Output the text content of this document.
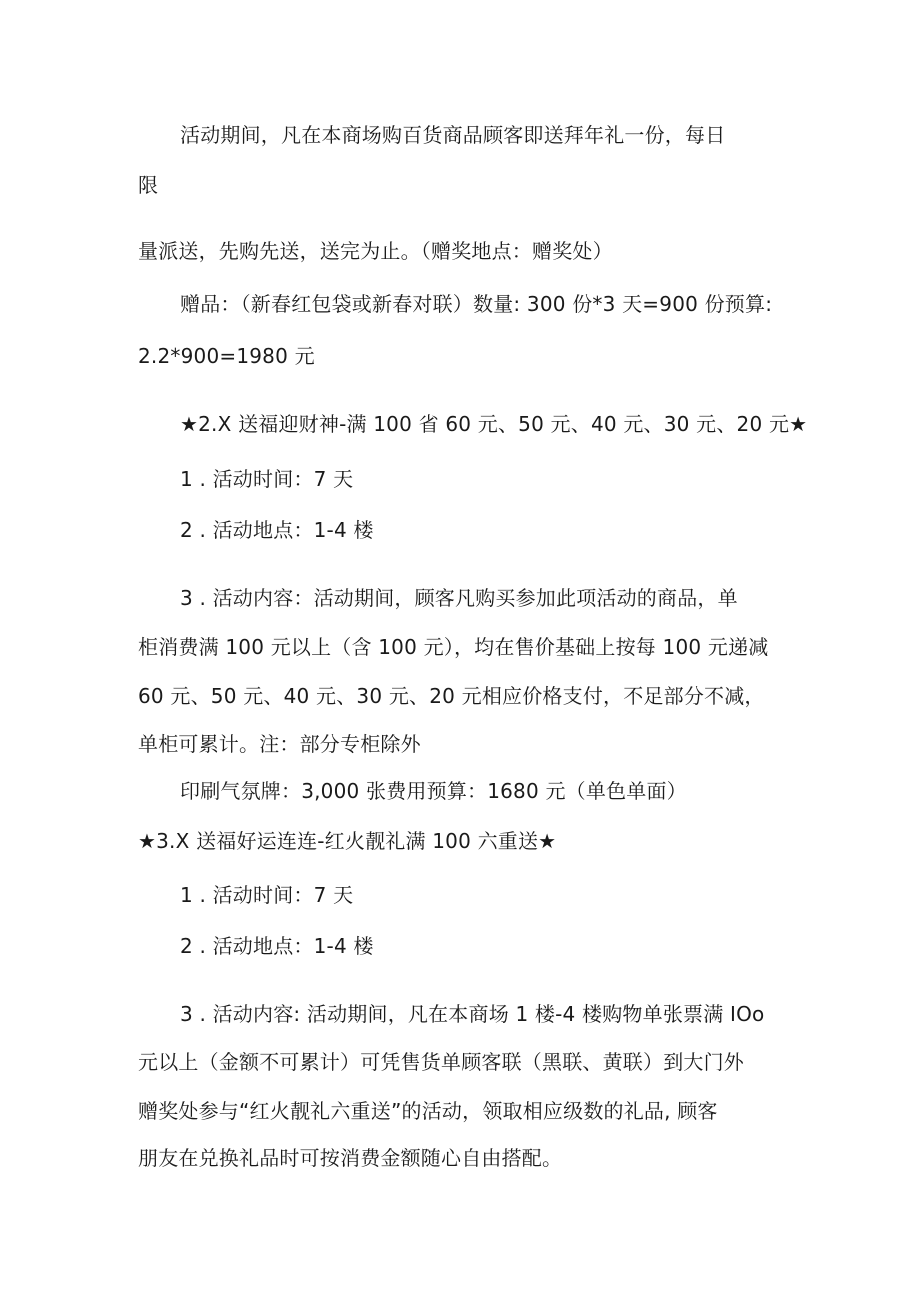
活动期间，凡在本商场购百货商品顾客即送拜年礼一份，每日
限
量派送，先购先送，送完为止。（赠奖地点：赠奖处）
赠品：（新春红包袋或新春对联）数量: 300 份*3 天=900 份预算:
2.2*900=1980 元
★2.X 送福迎财神-满 100 省 60 元、50 元、40 元、30 元、20 元★
1 . 活动时间：7 天
2 . 活动地点：1-4 楼
3 . 活动内容：活动期间，顾客凡购买参加此项活动的商品，单
柜消费满 100 元以上（含 100 元），均在售价基础上按每 100 元递减
60 元、50 元、40 元、30 元、20 元相应价格支付，不足部分不减，
单柜可累计。注：部分专柜除外
印刷气氛牌：3,000 张费用预算：1680 元（单色单面）
★3.X 送福好运连连-红火靓礼满 100 六重送★
1 . 活动时间：7 天
2 . 活动地点：1-4 楼
3 . 活动内容: 活动期间，凡在本商场 1 楼-4 楼购物单张票满 IOo
元以上（金额不可累计）可凭售货单顾客联（黑联、黄联）到大门外
赠奖处参与“红火靓礼六重送”的活动，领取相应级数的礼品, 顾客
朋友在兑换礼品时可按消费金额随心自由搭配。
